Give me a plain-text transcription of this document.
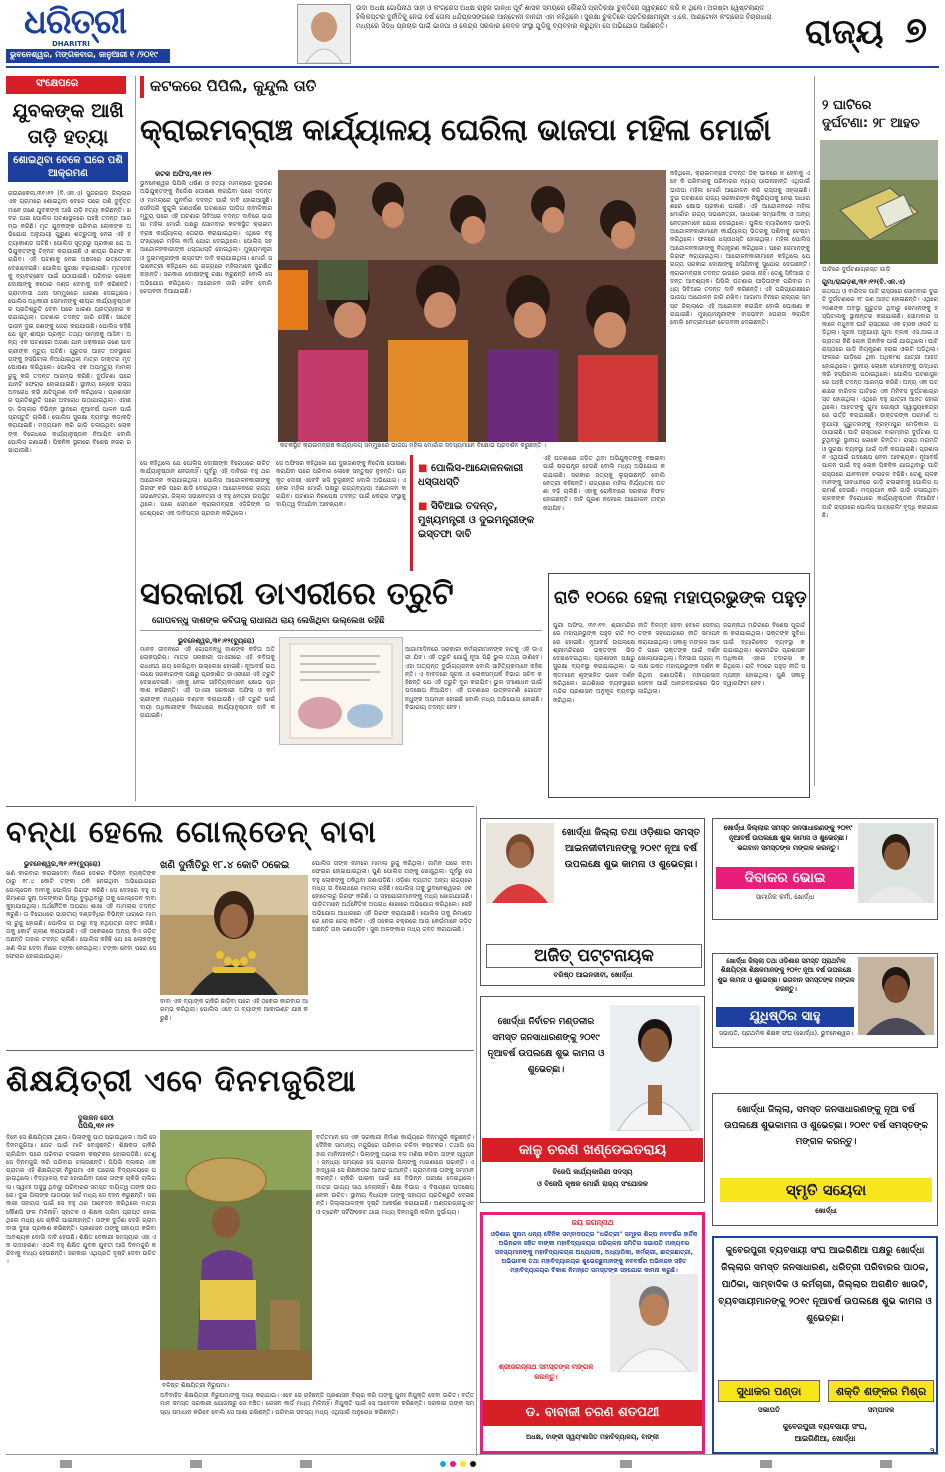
ଧରିତ୍ରୀ
DHARITRI
ଭୁବନେଶ୍ୱର, ମଙ୍ଗଳବାର, ଜାନୁଆରୀ ୧ /୨୦୧୯
ଉଦା ଅଧକ୍ଷ ଗୋପିନାଥ ସାହୀ ଓ କଂଗ୍ରେସ ଅଧକ୍ଷ ରାହୁଲ ଗାନ୍ଧୀ ପୂର୍ବ ଶାସକ ସମୟରେ କୌଣସି ପ୍ରତିରକ୍ଷା ଚୁକ୍ତିରେ ସ୍ୱଚ୍ଛତେ କରି ନ ଥିଲେ। ଅଗଷ୍ଟା ୱେଷ୍ଟଲାଣ୍ଡ ହିଲିକପ୍ଟର ଦୁର୍ନୀତିକୁ ନେଇ ବର୍ଷ ତୋଳା ଧନ୍ଦିପ୍ରସଙ୍ଗରେ ଆନ୍ଟୋନୀ ବାନନ୍ଦୀ ଏହା କହିଥିଲେ। ସୁରକ୍ଷା ଚୁକ୍ତିରେ ପ୍ରତିରକ୍ଷାମନ୍ତ୍ରୀ ଏ.କେ. ଆଣ୍ଟୋନୀ କଂଗ୍ରେସ ବିଚାରଧାରା ମଧ୍ୟରେ ସିଦ୍ଧ ପ୍ରଚାର ପାଇଁ ଭାଜପା ଓ କେନ୍ଦ୍ର ସରକାର କେବଳ ସଂସ୍ଥା ଗୁଡ଼ିକୁ ବ୍ୟବହାର କରୁଥିବା ସେ ଅଭିଯୋଗ ଆଣିଛନ୍ତି।	ରାଜ୍ୟ ୭
ସଂକ୍ଷେପରେ
ଯୁବକଙ୍କ ଆଖି ତାଡ଼ି ହତ୍ୟା
ଶୋଇଥିବା ବେଳେ ଘରେ ପଶି ଆକ୍ରମଣ
ରାଉରକେଲା,୩୧।୧୨ (ବି.ଏନ.ଏ) ସୁନ୍ଦରଗଡ଼ ଜିଲ୍ଲାର ଏକ ଗ୍ରାମରେ ଶୋଇଥିବା ବେଳେ ଘରେ ପଶି ଦୁର୍ବୃତ୍ତମାନେ ଜଣେ ଯୁବକଙ୍କ ଆଖି ତାଡ଼ି ହତ୍ୟା କରିଛନ୍ତି। ଖବର ପାଇ ପୋଲିସ ଘଟଣାସ୍ଥଳରେ ପହଞ୍ଚି ତଦନ୍ତ ଆରମ୍ଭ କରିଛି। ମୃତ ଯୁବକଙ୍କ ପରିବାର ଲୋକଙ୍କ ଅଭିଯୋଗ ଅନୁଯାୟୀ ପୁରୁଣା ଶତ୍ରୁତାକୁ ନେଇ ଏହି ହତ୍ୟାକାଣ୍ଡ ଘଟିଛି। ପୋଲିସ ସୂତ୍ରରୁ ପ୍ରକାଶ ଯେ ଅଭିଯୁକ୍ତଙ୍କୁ ଚିହ୍ନଟ କରାଯାଇଛି ଓ ଶୀଘ୍ର ଗିରଫ କରାଯିବ। ଏହି ଘଟଣାକୁ ନେଇ ଅଞ୍ଚଳରେ ଉତ୍ତେଜନା ଦେଖାଦେଇଛି। ପୋଲିସ ସୁରକ୍ଷା ବଢ଼ାଯାଇଛି। ମୃତଦେହକୁ ବ୍ୟବଚ୍ଛେଦ ପାଇଁ ପଠାଯାଇଛି। ପରିବାର ଲୋକେ ଦୋଷୀଙ୍କୁ କଠୋର ଦଣ୍ଡ ଦେବାକୁ ଦାବି କରିଛନ୍ତି। ଗ୍ରାମବାସୀ ଥାନା ସମ୍ମୁଖରେ ଧାରଣା ଦେଇଥିଲେ। ପୋଲିସ ଅଧିକାରୀ ସେମାନଙ୍କୁ ଶୀଘ୍ର କାର୍ଯ୍ୟାନୁଷ୍ଠାନର ପ୍ରତିଶ୍ରୁତି ଦେବା ପରେ ଧାରଣା ପ୍ରତ୍ୟାହାର କରାଯାଇଥିଲା। ଘଟଣାର ତଦନ୍ତ ଜାରି ରହିଛି। ସନ୍ଦେହଭାଜନ ଦୁଇ ଜଣଙ୍କୁ ଜେରା କରାଯାଉଛି। ପୋଲିସ କହିଛି ଯେ ଖୁବ୍ ଶୀଘ୍ର ପ୍ରକୃତ ତଥ୍ୟ ସାମ୍ନାକୁ ଆସିବ। ଅନ୍ୟ ଏକ ଘଟଣାରେ ଅଜଣା ଯାନ ଧକ୍କାରେ ଜଣେ ପାଦଚାରୀଙ୍କ ମୃତ୍ୟୁ ଘଟିଛି। ଗୁରୁତର ଆହତ ଅବସ୍ଥାରେ ତାଙ୍କୁ ହସ୍ପିଟାଲ ନିଆଯାଇଥିଲା ମାତ୍ର ଡାକ୍ତର ମୃତ ଘୋଷଣା କରିଥିଲେ। ପୋଲିସ ଏକ ଅପମୃତ୍ୟୁ ମାମଲା ରୁଜୁ କରି ତଦନ୍ତ ଆରମ୍ଭ କରିଛି। ଦୁର୍ଘଟଣା ପରେ ଯାନଟି ଫେରାର ହୋଇଯାଇଛି। ସ୍ଥାନୀୟ ଲୋକେ ରାସ୍ତା ଅବରୋଧ କରି କ୍ଷତିପୂରଣ ଦାବି କରିଥିଲେ। ପ୍ରଶାସନର ପ୍ରତିଶ୍ରୁତି ପରେ ଅବରୋଧ ଉଠାଯାଇଥିଲା। ଏହାଛଡ଼ା ଜିଲ୍ଲାର ବିଭିନ୍ନ ସ୍ଥାନରେ ନୂଆବର୍ଷ ପାଳନ ପାଇଁ ପ୍ରସ୍ତୁତି ଚାଲିଛି। ପୋଲିସ ସୁରକ୍ଷା ବ୍ୟବସ୍ଥା କଡ଼ାକଡ଼ି କରାଯାଇଛି। ମଦ୍ୟପାନ କରି ଗାଡ଼ି ଚଳାଉଥିବା ଲୋକଙ୍କ ବିରୋଧରେ କାର୍ଯ୍ୟାନୁଷ୍ଠାନ ନିଆଯିବ ବୋଲି ପୋଲିସ ଜଣାଇଛି। ପିକନିକ ସ୍ଥଳୀରେ ବିଶେଷ ନଜର ରଖାଯାଉଛି।
କଟକରେ ପିପିଲି, କୁନ୍ଦୁଲି ତାତି
କ୍ରାଇମବ୍ରାଞ୍ଚ କାର୍ଯ୍ୟାଳୟ ଘେରିଲା ଭାଜପା ମହିଳା ମୋର୍ଚ୍ଚା
କଟକ ଅଫିସ,୩୧।୧୨
ଭୁବନେଶ୍ୱର ପିପିଲି ଧର୍ଷଣ ଓ ହତ୍ୟା ମାମଲାରେ ଦୁଇଜଣ ଅଭିଯୁକ୍ତଙ୍କୁ ନିର୍ଦ୍ଦୋଷ ଘୋଷଣା କରାଯିବା ପରେ ଦଦନ୍ତ ଓ ମାମଲାରେ ପୁନର୍ବାର ଦଦନ୍ତ ପାଇଁ ଦାବି ହୋଇଆସୁଛି। ସେହିପରି କୁନ୍ଦୁଲି ଗଣଧର୍ଷଣ ଘଟଣାରେ ପୀଡ଼ିତା ନାବାଳିକାର ମୃତ୍ୟୁ ପରେ ଏହି ଘଟଣାର ସିବିଆଇ ଦଦନ୍ତ ଦାବିରେ ଭାଜପା ମହିଳା ମୋର୍ଚ୍ଚା ପକ୍ଷରୁ ସୋମବାର କଟକସ୍ଥିତ କ୍ରାଇମବ୍ରାଞ୍ଚ କାର୍ଯ୍ୟାଳୟ ଘେରାଉ କରାଯାଇଥିଲା। ଏଥିରେ ବହୁ ସଂଖ୍ୟାରେ ମହିଳା କର୍ମୀ ଯୋଗ ଦେଇଥିଲେ। ପୋଲିସ ସହ ଆନ୍ଦୋଳନକାରୀଙ୍କ ଧସ୍ତାଧସ୍ତି ହୋଇଥିଲା। ମୁଖ୍ୟମନ୍ତ୍ରୀ ଓ ଦୁଇମନ୍ତ୍ରୀଙ୍କ ଇସ୍ତଫା ଦାବି କରାଯାଇଥିଲା। ମୋର୍ଚ୍ଚା ସଭାନେତ୍ରୀ କହିଥିଲେ ଯେ ରାଜ୍ୟରେ ମହିଳାମାନେ ସୁରକ୍ଷିତ ନାହାନ୍ତି। ସରକାର ଦୋଷୀଙ୍କୁ ରକ୍ଷା କରୁଛନ୍ତି ବୋଲି ସେ ଅଭିଯୋଗ କରିଥିଲେ। ଆନ୍ଦୋଳନ ଜାରି ରହିବ ବୋଲି ଚେତାବନୀ ଦିଆଯାଇଛି।
କଟକସ୍ଥିତ କ୍ରାଇମବ୍ରାଞ୍ଚ କାର୍ଯ୍ୟାଳୟ ସମ୍ମୁଖରେ ଭାଜପା ମହିଳା ମୋର୍ଚ୍ଚାର ସଦସ୍ୟମାନେ ବିକ୍ଷୋଭ ପ୍ରଦର୍ଶନ କରୁଛନ୍ତି ।
ସେ କହିଥିଲେ ଯେ ପୋଲିସ ଦୋଷୀଙ୍କ ବିରୋଧରେ ଉଚିତ କାର୍ଯ୍ୟାନୁଷ୍ଠାନ ନେଉନାହିଁ। ପୂର୍ବରୁ ଏହି ଦାବିରେ ବହୁ ଥର ଆନ୍ଦୋଳନ କରାଯାଇଥିଲା। ପୋଲିସ ଆନ୍ଦୋଳନକାରୀଙ୍କୁ ଗିରଫ କରି ପରେ ଛାଡ଼ି ଦେଇଥିଲା। ଆନ୍ଦୋଳନରେ ରାଜ୍ୟ ସଭାନେତ୍ରୀ, ଜିଲ୍ଲା ସଭାନେତ୍ରୀ ଓ ବହୁ ନେତ୍ରୀ ଉପସ୍ଥିତ ଥିଲେ। ପରେ ସେମାନେ କ୍ରାଇମବ୍ରାଞ୍ଚ ଏଡ଼ିଜିଙ୍କ ଉଦ୍ଦେଶ୍ୟରେ ଏକ ଦାବିପତ୍ର ପ୍ରଦାନ କରିଥିଲେ।
ସେ ଅଫିସର କହିଥିଲେ ଯେ ଦୁଇଜଣଙ୍କୁ ନିର୍ଦ୍ଦୋଷ ଘୋଷଣା କରାଯିବା ପରେ ପରିବାର ଲୋକେ ସନ୍ତୁଷ୍ଟ ନୁହନ୍ତି। ପ୍ରକୃତ ଦୋଷୀ ଏବେବି ଖସି ବୁଲୁଛନ୍ତି ବୋଲି ଅଭିଯୋଗ। ଏ ନେଇ ମହିଳା ମୋର୍ଚ୍ଚା ପକ୍ଷରୁ ରାଜ୍ୟବ୍ୟାପୀ ଆନ୍ଦୋଳନ କରାଯିବ। ଘଟଣାର ନିରପେକ୍ଷ ତଦନ୍ତ ପାଇଁ କେନ୍ଦ୍ର ସଂସ୍ଥାକୁ ଦାୟିତ୍ୱ ଦିଆଯିବା ଆବଶ୍ୟକ।
■ ପୋଲିସ-ଆନ୍ଦୋଳନକାରୀ ଧସ୍ତାଧସ୍ତି
■ ସିବିଆଇ ତଦନ୍ତ, ମୁଖ୍ୟମନ୍ତ୍ରୀ ଓ ଦୁଇମନ୍ତ୍ରୀଙ୍କ ଇସ୍ତଫା ଦାବି
ଏହି ଘଟଣାରେ ଜଡ଼ିତ ଥିବା ଅଭିଯୁକ୍ତଙ୍କୁ ବଞ୍ଚାଇବା ପାଇଁ ଷଡ଼ଯନ୍ତ୍ର ହେଉଛି ବୋଲି ମଧ୍ୟ ଅଭିଯୋଗ କରାଯାଇଛି। ସରକାର ସତ୍ୟକୁ ଲୁଚାଉଛନ୍ତି ବୋଲି ନେତ୍ରୀ କହିଛନ୍ତି। ରାଜ୍ୟରେ ମହିଳା ନିର୍ଯ୍ୟାତନା ଘଟଣା ବଢ଼ି ଚାଲିଛି। ଏହାକୁ ରୋକିବାରେ ସରକାର ବିଫଳ ହୋଇଛନ୍ତି। ଦାବି ପୂରଣ ନହେଲେ ଆନ୍ଦୋଳନ ତୀବ୍ର କରାଯିବ।
କହିଥିଲେ, କ୍ରାଇମବ୍ରାଞ୍ଚ ତଦନ୍ତ ଠିକ୍ ଭାବରେ ନ ହେବାକୁ ଏବେ କି ପରିବାରକୁ ପରିବାରର ନ୍ୟାୟ ପାଉନାହାନ୍ତି ଏଥିପାଇଁ ଭାଜପା ମହିଳା ମୋର୍ଚ୍ଚା ଆନ୍ଦୋଳନ କରି ରାସ୍ତାକୁ ଓହ୍ଲାଇଛି। ଦୁଇ ଘଟଣାରେ ରାଜ୍ୟ ସରକାରଙ୍କ ନିଷ୍କ୍ରିୟତାକୁ ନେଇ ସାଧାରଣରେ କ୍ଷୋଭ ପ୍ରକାଶ ପାଇଛି। ଏହି ଆନ୍ଦୋଳନରେ ମହିଳା ମୋର୍ଚ୍ଚାର ରାଜ୍ୟ ସଭାନେତ୍ରୀ, ସାଧାରଣ ସମ୍ପାଦିକା ଓ ଅନ୍ୟ ନେତ୍ରୀମାନେ ଯୋଗ ଦେଇଥିଲେ। ପୁଲିସ ବ୍ୟାରିକେଡ ଭାଙ୍ଗି ଆନ୍ଦୋଳନକାରୀମାନେ କାର୍ଯ୍ୟାଳୟ ଭିତରକୁ ପଶିବାକୁ ଚେଷ୍ଟା କରିଥିଲେ। ଫଳରେ ଧସ୍ତାଧସ୍ତି ହୋଇଥିଲା। ମହିଳା ପୋଲିସ ଆନ୍ଦୋଳନକାରୀଙ୍କୁ ନିୟନ୍ତ୍ରଣ କରିଥିଲେ। ପରେ ସେମାନଙ୍କୁ ଗିରଫ କରାଯାଇଥିଲା। ଆନ୍ଦୋଳନକାରୀମାନେ କହିଥିଲେ ଯେ ରାଜ୍ୟ ସରକାର ଦୋଷୀଙ୍କୁ ଖସିଯିବାକୁ ସୁଯୋଗ ଦେଉଛନ୍ତି। କ୍ରାଇମବ୍ରାଞ୍ଚ ତଦନ୍ତ ଉପରେ ଭରସା ନାହିଁ। ତେଣୁ ସିବିଆଇ ତଦନ୍ତ ଆବଶ୍ୟକ। ପିପିଲି ଘଟଣାର ପୀଡ଼ିତାଙ୍କ ପରିବାର ମଧ୍ୟ ସିବିଆଇ ତଦନ୍ତ ଦାବି କରିଛନ୍ତି। ଏହି ପରିପ୍ରେକ୍ଷୀରେ ଭାଜପା ଆନ୍ଦୋଳନ ଜାରି ରଖିବ। ଆଗାମୀ ଦିନରେ ରାଜ୍ୟର ସମସ୍ତ ଜିଲ୍ଲାରେ ଏହି ଆନ୍ଦୋଳନ କରାଯିବ ବୋଲି ଘୋଷଣା କରାଯାଇଛି। ମୁଖ୍ୟମନ୍ତ୍ରୀଙ୍କ ବାସଭବନ ଘେରାଉ କରାଯିବ ବୋଲି ନେତ୍ରୀମାନେ ଚେତାବନୀ ଦେଇଛନ୍ତି।
୨ ଘାଟିରେ
ଦୁର୍ଘଟଣା: ୨୮ ଆହତ
ଘାଟିରେ ଦୁର୍ଘଟଣାଗ୍ରସ୍ତ ଗାଡ଼ି
ଗୁମା/ରାଇଡ଼ଶ,୩୧।୧୨(ବି.ଏନ.ଏ)
ରଥପଥ ଓ ବାରିଦଳ ଘାଟି ରାସ୍ତାରେ ସୋମବାର ଦୁଇଟି ଦୁର୍ଘଟଣାରେ ୨୮ ଜଣ ଆହତ ହୋଇଛନ୍ତି। ଏଥିରେ ୨ଜଣଙ୍କ ଅବସ୍ଥା ଗୁରୁତର ଥିବାରୁ ସେମାନଙ୍କୁ ହସ୍ପିଟାଲକୁ ସ୍ଥାନାନ୍ତର କରାଯାଇଛି। ସୋମବାର ସକାଳେ ମଧୁବନ ଘାଟି ରାସ୍ତାରେ ଏକ ଟ୍ରକ ଓଲଟି ପଡ଼ିଥିଲା। ସୂଚନା ଅନୁଯାୟୀ ଗୁମା ବ୍ଲକ ଏସ.ଆଇ.ଓ ଗ୍ରାମର କିଛି ଲୋକ ପିକନିକ ପାଇଁ ଯାଉଥିଲେ। ଘାଟି ରାସ୍ତାରେ ଗାଡ଼ି ନିୟନ୍ତ୍ରଣ ହରାଇ ଓଲଟି ପଡ଼ିଥିଲା। ଫଳରେ ଗାଡ଼ିରେ ଥିବା ଅଧିକାଂଶ ଯାତ୍ରୀ ଆହତ ହୋଇଥିଲେ। ସ୍ଥାନୀୟ ଲୋକେ ସେମାନଙ୍କୁ ଉଦ୍ଧାର କରି ହସ୍ପିଟାଲ ପଠାଇଥିଲେ। ପୋଲିସ ଘଟଣାସ୍ଥଳରେ ପହଞ୍ଚି ତଦନ୍ତ ଆରମ୍ଭ କରିଛି। ଅନ୍ୟ ଏକ ଘଟଣାରେ ବାରିଦଳ ଘାଟିରେ ଏକ ମିନିବସ ଦୁର୍ଘଟଣାଗ୍ରସ୍ତ ହୋଇଥିଲା। ଏଥିରେ ବହୁ ଯାତ୍ରୀ ଆହତ ହୋଇଥିଲେ। ଆହତଙ୍କୁ ଗୁମା ଗୋଷ୍ଠୀ ସ୍ୱାସ୍ଥ୍ୟକେନ୍ଦ୍ରରେ ଭର୍ତ୍ତି କରାଯାଇଛି। ଡାକ୍ତରଙ୍କ ପରାମର୍ଶ ଅନୁଯାୟୀ ଗୁରୁତରଙ୍କୁ ବ୍ରହ୍ମପୁର ମେଡ଼ିକାଲ ପଠାଯାଇଛି। ଘାଟି ରାସ୍ତାରେ ବାରମ୍ବାର ଦୁର୍ଘଟଣା ଘଟୁଥିବାରୁ ସ୍ଥାନୀୟ ଲୋକେ ଚିନ୍ତିତ। ରାସ୍ତା ମରାମତି ଓ ସୁରକ୍ଷା ବ୍ୟବସ୍ଥା ପାଇଁ ଦାବି କରାଯାଇଛି। ପ୍ରଶାସନ ଏଥିପାଇଁ ପଦକ୍ଷେପ ନେବା ଆବଶ୍ୟକ। ନୂଆବର୍ଷ ପାଳନ ପାଇଁ ବହୁ ଲୋକ ପିକନିକ ଯାଉଥିବାରୁ ଘାଟି ରାସ୍ତାରେ ଯାନବାହନ ଚଳାଚଳ ବଢ଼ିଛି। ତେଣୁ ଚାଳକମାନଙ୍କୁ ସାବଧାନରେ ଗାଡ଼ି ଚଳାଇବାକୁ ପୋଲିସ ପରାମର୍ଶ ଦେଇଛି। ମଦ୍ୟପାନ କରି ଗାଡ଼ି ଚଳାଉଥିବା ଚାଳକଙ୍କ ବିରୋଧରେ କାର୍ଯ୍ୟାନୁଷ୍ଠାନ ନିଆଯିବ। ଘାଟି ରାସ୍ତାରେ ପୋଲିସ ପାଟ୍ରୋଲିଂ ବୃଦ୍ଧି କରାଯାଇଛି।
ସରକାରୀ ଡାଏରୀରେ ତ୍ରୁଟି
ଗୋପବନ୍ଧୁ ଦାଶଙ୍କ କବିତାକୁ ରାଧାନାଥ ରାୟ ଲେଖିଥିବା ଉଲ୍ଲେଖ ରହିଛି
ଭୁବନେଶ୍ୱର,୩୧।୧୨(ବ୍ୟୁରୋ)
ମାନବ ଜୀବନରେ ଏହି ଗୋପବନ୍ଧୁ ଦାଶଙ୍କ କବିତା ଅତି ଲୋକପ୍ରିୟ। ମାତ୍ର ସରକାରୀ ଡାଏରୀରେ ଏହି କବିତାକୁ ରାଧାନାଥ ରାୟ ଲେଖିଥିବା ଉଲ୍ଲେଖ ହୋଇଛି। ନୂଆବର୍ଷ ଉପଲକ୍ଷେ ସରକାରଙ୍କ ପକ୍ଷରୁ ପ୍ରକାଶିତ ଡାଏରୀରେ ଏହି ତ୍ରୁଟି ଦେଖାଦେଇଛି। ଏହାକୁ ନେଇ ସାହିତ୍ୟିକମାନେ କ୍ଷୋଭ ପ୍ରକାଶ କରିଛନ୍ତି। ଏହି ଡାଏରୀ ସରକାରୀ ଅଫିସ ଓ କର୍ମଚାରୀଙ୍କ ମଧ୍ୟରେ ବଣ୍ଟନ କରାଯାଉଛି। ଏହି ତ୍ରୁଟି ପାଇଁ ଦାୟୀ ଅଧିକାରୀଙ୍କ ବିରୋଧରେ କାର୍ଯ୍ୟାନୁଷ୍ଠାନ ଦାବି କରାଯାଇଛି।
ଆଗାମୀଦିନରେ ସରକାରୀ କର୍ମଚାରୀମାନଙ୍କ ହାତକୁ ଏହି ଡାଏରୀ ଯିବ। ଏହି ତ୍ରୁଟି ଯୋଗୁଁ ନୂଆ ପିଢ଼ି ଭୁଲ ତଥ୍ୟ ଜାଣିବେ। ଏହା ଅତ୍ୟନ୍ତ ଦୁର୍ଭାଗ୍ୟଜନକ ବୋଲି ସାହିତ୍ୟିକମାନେ କହିଛନ୍ତି। ଏ ବାବଦରେ ସୂଚନା ଓ ଲୋକସମ୍ପର୍କ ବିଭାଗ ସଚିବ କହିଛନ୍ତି ଯେ ଏହି ତ୍ରୁଟି ଦୂର କରାଯିବ। ଭୁଲ ସଂଶୋଧନ ପାଇଁ ପଦକ୍ଷେପ ନିଆଯିବ। ଏହି ଘଟଣାରେ ଉତ୍କଳମଣି ଗୋପବନ୍ଧୁଙ୍କ ଅପମାନ ହୋଇଛି ବୋଲି ମଧ୍ୟ ଅଭିଯୋଗ ହୋଇଛି। ବିଭାଗୀୟ ତଦନ୍ତ ହେବ।
ରାତି ୧୦ରେ ହେଲା ମହାପ୍ରଭୁଙ୍କ ପହୁଡ଼
ପୁରୀ ଅଫିସ, ୩୧।୧୨: ଶ୍ରୀମନ୍ଦିରରେ ମହାପ୍ରଭୁଙ୍କ ପହୁଡ଼ ରାତି ୧୦ରେ ହୋଇଛି। ନୂଆବର୍ଷ ଉପଲକ୍ଷେ ଶ୍ରୀମନ୍ଦିରରେ ଭକ୍ତଙ୍କ ଭିଡ଼ ଦେଖାଦେଇଥିଲା। ପ୍ରଶାସନ ପକ୍ଷରୁ ସୁରକ୍ଷା ବ୍ୟବସ୍ଥା କରାଯାଇଥିଲା। ଭକ୍ତମାନେ ଶୃଙ୍ଖଳିତ ଭାବେ ଦର୍ଶନ କରିଥିଲେ। ରଥଶିଖର ବ୍ୟବସ୍ଥାରେ ମନ୍ଦିର ପ୍ରଶାସନ ଅନୁକୂଳ ବ୍ୟବସ୍ଥା କରିଥିଲା।
ନୀତି ବିଳମ୍ବ ହେବା ବେଳେ ସେବାୟତଙ୍କ ସହଯୋଗରେ ନୀତି ସମାପନ କରାଯାଇଥିଲା। ସକାଳୁ ମଙ୍ଗଳ ଆଳତି ପରେ ଭକ୍ତଙ୍କ ପାଇଁ ଦର୍ଶନ ଖୋଲାଯାଇଥିଲା। ଦିନସାରା ପ୍ରାୟ ୩ ଲକ୍ଷ ଭକ୍ତ ମହାପ୍ରଭୁଙ୍କ ଦର୍ଶନ କରିଥିବା ଜଣାପଡ଼ିଛି। ମହାପ୍ରସାଦ ସେବନ ପାଇଁ ଆନନ୍ଦବଜାରରେ ଭିଡ଼ ଲାଗିଥିଲା।
ଜଗନ୍ନାଥ ମନ୍ଦିରରେ ବିଶେଷ ପୂଜାର୍ଚ୍ଚନା କରାଯାଇଥିଲା। ଭକ୍ତଙ୍କ ସୁବିଧା ପାଇଁ ବ୍ୟାରିକେଡ ବ୍ୟବସ୍ଥା କରାଯାଇଥିଲା। ଶ୍ରୀମନ୍ଦିର ପ୍ରଶାସନ ଅଧିକାରୀ ଏହାର ତଦାରଖ କରିଥିଲେ। ରାତି ୧୦ରେ ପହୁଡ଼ ନୀତି ସମ୍ପନ୍ନ ହୋଇଥିଲା। ପୁଣି ସକାଳୁ ଦ୍ୱାରଫିଟା ହେବ।
ବନ୍ଧା ହେଲେ ଗୋଲ୍ଡେନ୍ ବାବା
ଭୁବନେଶ୍ୱର,୩୧।୧୨(ବ୍ୟୁରୋ)
ଖଣି କାରବାର କରାଇଦେବା ନାଁରେ ଦେଶର ବିଭିନ୍ନ ବ୍ୟକ୍ତିଙ୍କଠାରୁ ୧୮.୪ କୋଟି ଟଙ୍କା ଠକି ନେଇଥିବା ଅଭିଯୋଗରେ ଗୋଲ୍ଡେନ ବାବାକୁ ପୋଲିସ ଗିରଫ କରିଛି। ସେ ଦେହରେ ବହୁ ପରିମାଣର ସୁନା ଅଳଙ୍କାର ପିନ୍ଧି ବୁଲୁଥିବାରୁ ତାକୁ ଗୋଲ୍ଡେନ ବାବା କୁହାଯାଉଥିଲା। ଅର୍ଥନୈତିକ ଅପରାଧ ଶାଖା ଏହି ମାମଲାର ତଦନ୍ତ କରୁଛି। ତା ବିରୋଧରେ ଭାରତୀୟ ଦଣ୍ଡବିଧିର ବିଭିନ୍ନ ଧାରାରେ ମାମଲା ରୁଜୁ ହୋଇଛି। ପୋଲିସ ତା ଠାରୁ ବହୁ ନଥିପତ୍ର ଜବତ କରିଛି। ତାକୁ କୋର୍ଟ ଚାଲାଣ କରାଯାଇଛି। ଏହି ଠକେଇରେ ଅନ୍ୟ କିଏ ଜଡ଼ିତ ଅଛନ୍ତି ତାହାର ତଦନ୍ତ ଚାଲିଛି। ପୋଲିସ କହିଛି ଯେ ସେ ଲୋକଙ୍କୁ ଖଣି ଲିଜ ଦେବା ନାଁରେ ଟଙ୍କା ନେଉଥିଲା। ଟଙ୍କା ନେବା ପରେ ସେ ଫେରାର ହୋଇଯାଉଥିଲା।
ଖଣି ଦୁର୍ନୀତିରୁ ୧୮.୪ କୋଟି ଠକେଇ
ବାବା ଏକ ବ୍ୟାଙ୍କ ଚାକିରି ଛାଡ଼ିବା ପରେ ଏହି ଠକେଇ କାରବାର ଆରମ୍ଭ କରିଥିଲା। ପୋଲିସ ଏବେ ତା ବ୍ୟାଙ୍କ ଆକାଉଣ୍ଟ ଯାଞ୍ଚ କରୁଛି।
ପୋଲିସ ତାଙ୍କ ନାମରେ ମାମଲା ରୁଜୁ କରିଥିଲା। ଜାମିନ ପରେ ବାବା ଫେରାର ହୋଇଯାଇଥିଲା। ପୁଣି ପୋଲିସ ତାଙ୍କୁ ଖୋଜୁଥିଲା। ପୂର୍ବରୁ ସେ ବହୁ ଲୋକଙ୍କୁ ଠକିଥିବା ଜଣାପଡ଼ିଛି। ଓଡ଼ିଶା ବ୍ୟତୀତ ଅନ୍ୟ ରାଜ୍ୟରେ ମଧ୍ୟ ତା ବିରୋଧରେ ମାମଲା ରହିଛି। ପୋଲିସ ତାକୁ ଭୁବନେଶ୍ୱରର ଏକ ହୋଟେଲରୁ ଗିରଫ କରିଛି। ତା ସହଯୋଗୀମାନଙ୍କୁ ମଧ୍ୟ ଖୋଜାଯାଉଛି। ପୀଡ଼ିତମାନେ ଅର୍ଥନୈତିକ ଅପରାଧ ଶାଖାରେ ଅଭିଯୋଗ କରିଥିଲେ। ସେହି ଅଭିଯୋଗ ଆଧାରରେ ଏହି ଗିରଫ କରାଯାଇଛି। ପୋଲିସ ତାକୁ ରିମାଣ୍ଡରେ ନେଇ ଜେରା କରିବ। ଏହି ଠକେଇ ଚକ୍ରରେ ଆଉ କେଉଁମାନେ ଜଡ଼ିତ ଅଛନ୍ତି ତାହା ଜଣାପଡ଼ିବ। ସୁନା ଅଳଙ୍କାର ମଧ୍ୟ ଜବତ କରାଯାଇଛି।
ଶିକ୍ଷୟିତ୍ରୀ ଏବେ ଦିନମଜୁରିଆ
ଦୁକାଳନ ଜେଠୀ
ପିପିଲି,୩୧।୧୨
ଦିନେ ସେ ଶିକ୍ଷୟିତ୍ରୀ ଥିଲେ। ପିଲାଙ୍କୁ ପାଠ ପଢ଼ାଉଥିଲେ। ଆଜି ସେ ଦିନମଜୁରିଆ। ପେଟ ପାଇଁ ମାଟି ବୋହୁଛନ୍ତି। ଶିକ୍ଷକତା ଚାକିରି ଚାଲିଯିବା ପରେ ପରିବାର ଚଳାଇବା କଷ୍ଟକର ହୋଇପଡ଼ିଛି। ତେଣୁ ସେ ଦିନମଜୁରି କରି ପରିବାର ଚଳାଉଛନ୍ତି। ପିପିଲି ବ୍ଲକର ଏକ ଗ୍ରାମର ଏହି ଶିକ୍ଷୟିତ୍ରୀ ନିରୁପମା ଏକ ଘରୋଇ ବିଦ୍ୟାଳୟରେ ପଢ଼ାଉଥିଲେ। ବିଦ୍ୟାଳୟ ବନ୍ଦ ହୋଇଯିବା ପରେ ତାଙ୍କ ଚାକିରି ଚାଲିଗଲା। ସ୍ୱାମୀ ଅସୁସ୍ଥ ଥିବାରୁ ପରିବାରର ସମସ୍ତ ଦାୟିତ୍ୱ ତାଙ୍କ ଉପରେ। ଦୁଇ ପିଲାଙ୍କ ପାଠପଢ଼ା ଖର୍ଚ୍ଚ ମଧ୍ୟ ସେ ବହନ କରୁଛନ୍ତି। ସରକାରୀ ସହାୟତା ପାଇଁ ସେ ବହୁ ଥର ଆବେଦନ କରିଥିଲେ ମାତ୍ର କୌଣସି ଫଳ ମିଳିନାହିଁ। ସ୍ନାତକ ଓ ଶିକ୍ଷକ ତାଲିମ ପ୍ରାପ୍ତ ହୋଇଥିଲେ ମଧ୍ୟ ସେ ଚାକିରି ପାଇନାହାନ୍ତି। ତାଙ୍କ ଦୁର୍ଦ୍ଦଶା ଦେଖି ଗ୍ରାମବାସୀ ଦୁଃଖ ପ୍ରକାଶ କରିଛନ୍ତି। ପ୍ରଶାସନ ତାଙ୍କୁ ସହାୟତା କରିବା ଆବଶ୍ୟକ ବୋଲି ଦାବି ହେଉଛି। ଶିକ୍ଷିତ ବେକାରୀ ସମସ୍ୟାର ଏହା ଏକ ଉଦାହରଣ। ଏଭଳି ବହୁ ଶିକ୍ଷିତ ଯୁବକ ଯୁବତୀ ଆଜି ଦିନମଜୁରି କରିବାକୁ ବାଧ୍ୟ ହେଉଛନ୍ତି। ସରକାର ଏଥିପ୍ରତି ଦୃଷ୍ଟି ଦେବା ଉଚିତ।
ବଳିଷ୍ଟ ଶିକ୍ଷୟିତ୍ରୀ ନିରୁପମା।
ବର୍ତ୍ତମାନ ସେ ଏକ ସରକାରୀ ନିର୍ମାଣ କାର୍ଯ୍ୟରେ ଦିନମଜୁରି କରୁଛନ୍ତି। ଦୈନିକ ସାମାନ୍ୟ ମଜୁରିରେ ପରିବାର ଚଳିବା କଷ୍ଟକର। ତଥାପି ସେ ହାର ମାନିନାହାନ୍ତି। ପିଲାଙ୍କୁ ପଢ଼ାଇ ବଡ଼ ମଣିଷ କରିବା ତାଙ୍କ ସ୍ୱପ୍ନ। ସନ୍ଧ୍ୟା ସମୟରେ ସେ ଗ୍ରାମର ପିଲାଙ୍କୁ ମାଗଣାରେ ପଢ଼ାନ୍ତି। ଏହାଦ୍ୱାରା ସେ ଶିକ୍ଷକତାର ଆନନ୍ଦ ପାଆନ୍ତି। ଗ୍ରାମବାସୀ ତାଙ୍କୁ ସମ୍ମାନ କରନ୍ତି। ଚାକିରି ପାଇବା ପାଇଁ ସେ ବିଭିନ୍ନ ପରୀକ୍ଷା ଦେଇଥିଲେ। ମାତ୍ର ଭାଗ୍ୟ ସାଥ ଦେଲାନାହିଁ। ଶିକ୍ଷା ବିଭାଗ ଏ ବିଷୟରେ ପଦକ୍ଷେପ ନେବା ଉଚିତ। ସ୍ଥାନୀୟ ବିଧାୟକ ତାଙ୍କୁ ସହାୟତା ପ୍ରତିଶ୍ରୁତି ଦେଇଛନ୍ତି। ଜିଲ୍ଲାପାଳଙ୍କ ଦୃଷ୍ଟି ଆକର୍ଷଣ କରାଯାଇଛି। ଅଣ୍ଡରଗ୍ରାଜୁଏଟ ଓ ଟ୍ରେନିଂ ସର୍ଟିଫିକେଟ ଥାଇ ମଧ୍ୟ ଦିନମଜୁରି କରିବା ଦୁର୍ଭାଗ୍ୟ।
ଅବିବାହିତ ଶିକ୍ଷୟିତ୍ରୀ ନିରୁପମାଙ୍କୁ ଦାୟା କରାଯାଉ। ଏବେ ସେ ରହିଛନ୍ତି ପ୍ରଶାସନ ବିଚାର କରି ତାଙ୍କୁ ପୁନଃ ନିଯୁକ୍ତି ଦେବା ଉଚିତ। ବର୍ତ୍ତମାନ ସମସ୍ତ ସରକାରୀ ଯୋଜନାରୁ ସେ ବଞ୍ଚିତ। ରେସନ କାର୍ଡ ମଧ୍ୟ ମିଳିନାହିଁ। ନିଯୁକ୍ତି ପାଇଁ ସେ ଆବେଦନ କରିଛନ୍ତି। ସରକାର ତାଙ୍କ ସମସ୍ୟା ସମାଧାନ କରିବେ ବୋଲି ସେ ଆଶା ରଖିଛନ୍ତି। ପରିବାର ସଦସ୍ୟ ମଧ୍ୟ ଏଥିପାଇଁ ଅନୁରୋଧ କରିଛନ୍ତି।
ଖୋର୍ଦ୍ଧା ଜିଲ୍ଲା ତଥା ଓଡ଼ିଶାର ସମସ୍ତ ଆଇନଜୀବୀମାନଙ୍କୁ ୨୦୧୯ ନୂଆ ବର୍ଷ ଉପଲକ୍ଷେ ଶୁଭ କାମନା ଓ ଶୁଭେଚ୍ଛା।
ଅଜିତ୍ ପଟ୍ଟନାୟକ
ବରିଷ୍ଠ ଆଇନଜୀବୀ, ଖୋର୍ଦ୍ଧା
ଖୋର୍ଦ୍ଧା ଜିଲ୍ଲାର ସମସ୍ତ ଜନସାଧାରଣଙ୍କୁ ୨୦୧୯ ନୂଆବର୍ଷ ଉପଲକ୍ଷେ ଶୁଭ କାମନା ଓ ଶୁଭେଚ୍ଛା। ଭଗବାନ ସମସ୍ତଙ୍କ ମଙ୍ଗଳ କରନ୍ତୁ।
ଦିବାକର ଭୋଇ
ସାମାଜିକ କର୍ମୀ, ଖୋର୍ଦ୍ଧା
ଖୋର୍ଦ୍ଧା ଜିଲ୍ଲା ତଥା ଓଡ଼ିଶାର ସମସ୍ତ ପ୍ରାଥମିକ ଶିକ୍ଷୟିତ୍ରୀ ଶିକ୍ଷକମାନଙ୍କୁ ୨୦୧୯ ନୂଆ ବର୍ଷ ଉପଲକ୍ଷେ ଶୁଭ କାମନା ଓ ଶୁଭେଚ୍ଛା। ଭଗବାନ ସମସ୍ତଙ୍କ ମଙ୍ଗଳ କରନ୍ତୁ।
ଯୁଧିଷ୍ଠିର ସାହୁ
ସଭାପତି, ପ୍ରାଥମିକ ଶିକ୍ଷକ ସଂଘ (ଖୋର୍ଦ୍ଧା), ଭୁବନେଶ୍ୱର।
ଖୋର୍ଦ୍ଧା ନିର୍ବାଚନ ମଣ୍ଡଳୀର ସମସ୍ତ ଜନସାଧାରଣଙ୍କୁ ୨୦୧୯ ନୂଆବର୍ଷ ଉପଲକ୍ଷେ ଶୁଭ କାମନା ଓ ଶୁଭେଚ୍ଛା।
କାଳୁ ଚରଣ ଖଣ୍ଡେଇତରାୟ
ବିଜେପି କାର୍ଯ୍ୟକାରିଣୀ ସଦସ୍ୟ
ଓ ବିଜେପି କୃଷକ ମୋର୍ଚ୍ଚା ରାଜ୍ୟ ସଂଯୋଜକ
ଖୋର୍ଦ୍ଧା ଜିଲ୍ଲା, ସମସ୍ତ ଜନସାଧାରଣଙ୍କୁ ନୂଆ ବର୍ଷ ଉପଲକ୍ଷେ ଶୁଭକାମନା ଓ ଶୁଭେଚ୍ଛା। ୨୦୧୯ ବର୍ଷ ସମସ୍ତଙ୍କ ମଙ୍ଗଳ କରନ୍ତୁ।
ସ୍ମୃତି ସୟେଦା
ଖୋର୍ଦ୍ଧା
ଜୟ ଜଗନ୍ନାଥ
ଓଡ଼ିଶାର ସୁନାମ ଧନ୍ୟ ଦୈନିକ ସମ୍ବାଦପତ୍ର "ଧରିତ୍ରୀ" ସମୂହର ଶିଳ୍ପ ନବବର୍ଷର ହାର୍ଦ୍ଦିକ ଅଭିନନ୍ଦନ ସହିତ ବାଙ୍କୀ ମହାବିଦ୍ୟାଳୟର ପରିଚାଳନା ସମିତିର ସଭାପତି ମାନ୍ୟବର ସଦସ୍ୟମାନଙ୍କୁ ମହାବିଦ୍ୟାଳୟର ଅଧ୍ୟାପକ, ଅଧ୍ୟାପିକା, କର୍ମଚାରୀ, ଛାତ୍ରଛାତ୍ରୀ, ଅଭିଭାବକ ତଥା ମହାବିଦ୍ୟାଳୟର ଶୁଭେଚ୍ଛୁମାନଙ୍କୁ ନବବର୍ଷର ଅଭିନନ୍ଦନ ସହିତ ମହାବିଦ୍ୟାଳୟର ବିକାଶ ନିମନ୍ତେ ସମସ୍ତଙ୍କ ସହଯୋଗ କାମନା କରୁଛି।
ଶ୍ରୀଜଗନ୍ନାଥ ସମସ୍ତଙ୍କ ମଙ୍ଗଳ କରନ୍ତୁ।
ଡ. ବାବାଜୀ ଚରଣ ଶତପଥୀ
ଅଧକ୍ଷ, ବାଙ୍କୀ ସ୍ୱୟଂଶାସିତ ମହାବିଦ୍ୟାଳୟ, ବାଙ୍କୀ
କୁବେରପୁରୀ ବ୍ୟବସାୟୀ ସଂଘ ଆଇଗିଣିଆ ପକ୍ଷରୁ ଖୋର୍ଦ୍ଧା ଜିଲ୍ଲାର ସମସ୍ତ ଜନସାଧାରଣ, ଧରିତ୍ରୀ ପରିବାରର ପାଠକ, ପାଠିକା, ସାମ୍ବାଦିକ ଓ କର୍ମଚାରୀ, ଜିଲ୍ଲାର ଅଗଣିତ ଖାଉଟି, ବ୍ୟବସାୟୀମାନଙ୍କୁ ୨୦୧୯ ନୂଆବର୍ଷ ଉପଲକ୍ଷେ ଶୁଭ କାମନା ଓ ଶୁଭେଚ୍ଛା।
ସୁଧାକର ପଣ୍ଡା	ଶକ୍ତି ଶଙ୍କର ମିଶ୍ର
ସଭାପତି	ସମ୍ପାଦକ
କୁବେରପୁରୀ ବ୍ୟବସାୟୀ ସଂଘ,
ଆଇଗିଣିଆ, ଖୋର୍ଦ୍ଧା
9
